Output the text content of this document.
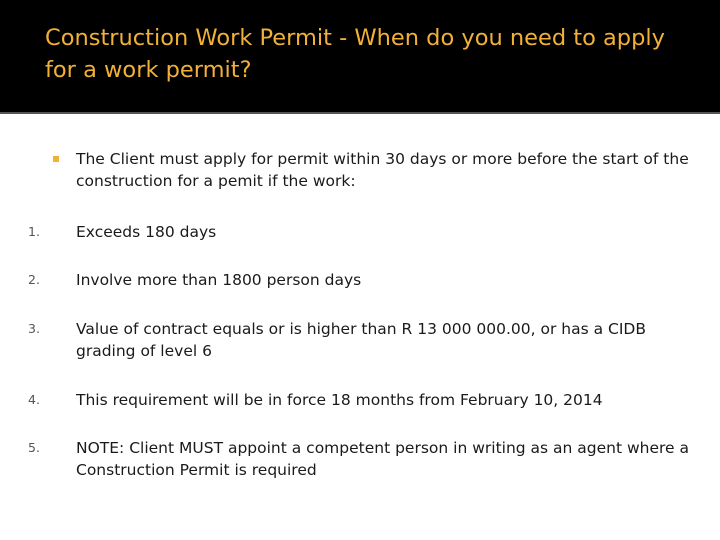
Construction Work Permit - When do you need to apply for a work permit?
The Client must apply for permit within 30 days or more before the start of the construction for a pemit if the work:
1.	Exceeds 180 days
2.	Involve more than 1800 person days
3.	Value of contract equals or is higher than R 13 000 000.00, or has a CIDB grading of level 6
4.	This requirement will be in force 18 months from February 10, 2014
5.	NOTE: Client MUST appoint a competent person in writing as an agent where a Construction Permit is required
